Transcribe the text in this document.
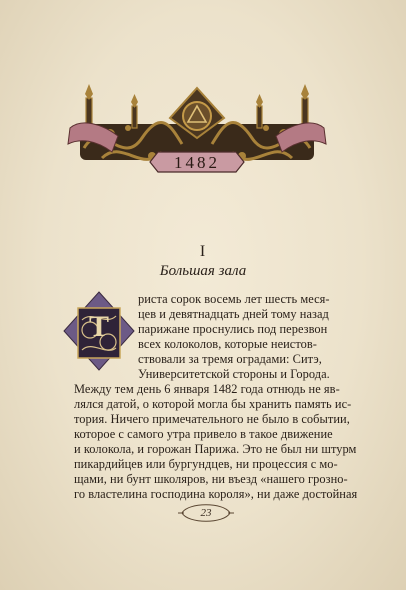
1482
I
Большая зала
T
риста сорок восемь лет шесть меся-
цев и девятнадцать дней тому назад
парижане проснулись под перезвон
всех колоколов, которые неистов-
ствовали за тремя оградами: Ситэ,
Университетской стороны и Города.
Между тем день 6 января 1482 года отнюдь не яв-
лялся датой, о которой могла бы хранить память ис-
тория. Ничего примечательного не было в событии,
которое с самого утра привело в такое движение
и колокола, и горожан Парижа. Это не был ни штурм
пикардийцев или бургундцев, ни процессия с мо-
щами, ни бунт школяров, ни въезд «нашего грозно-
го властелина господина короля», ни даже достойная
23
